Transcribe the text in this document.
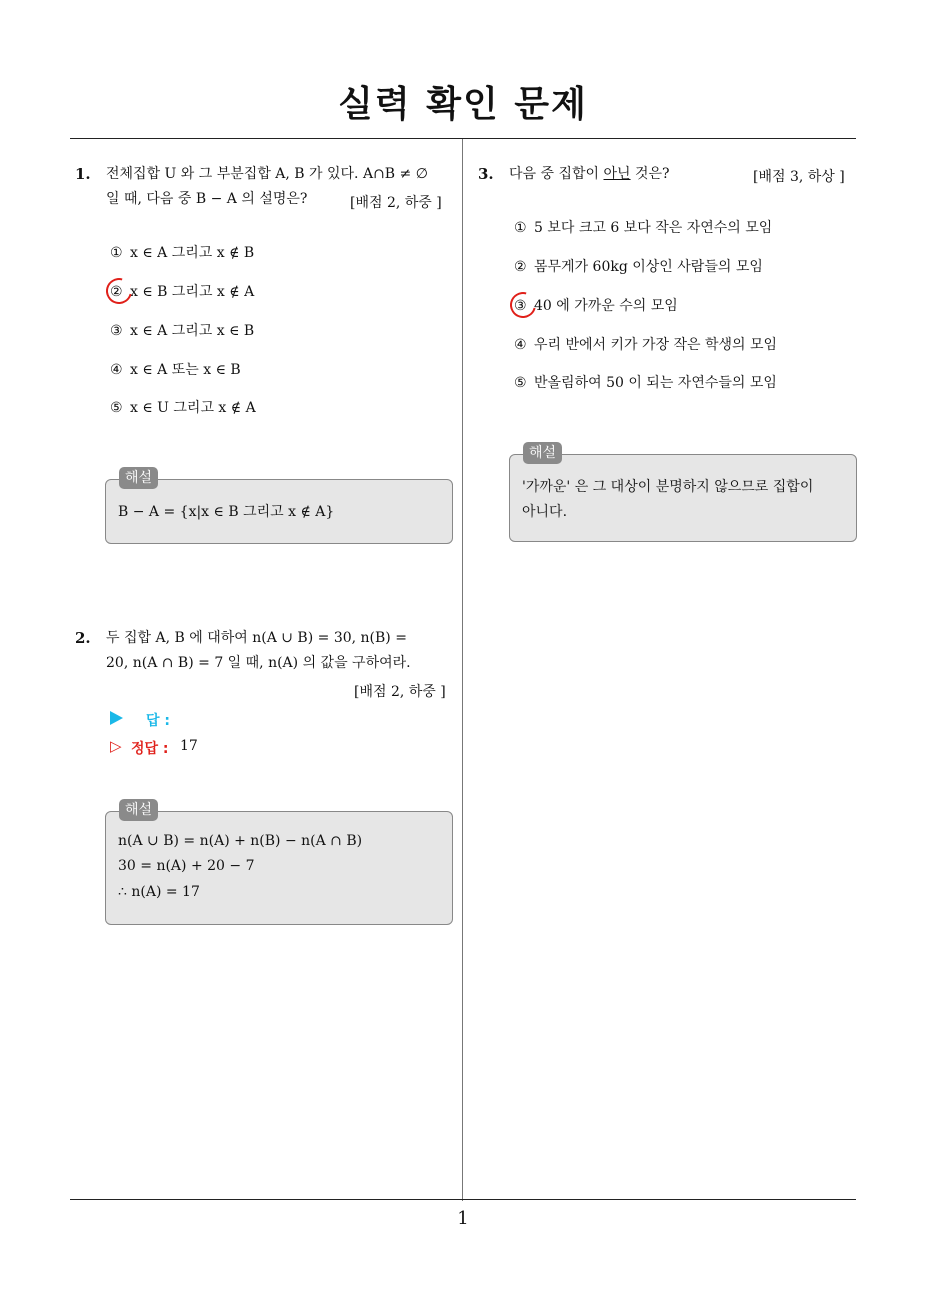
실력 확인 문제
1. 전체집합 U 와 그 부분집합 A, B 가 있다. A∩B ≠ ∅
일 때, 다음 중 B − A 의 설명은?	[배점 2, 하중 ]
① x ∈ A 그리고 x ∉ B
② x ∈ B 그리고 x ∉ A
③ x ∈ A 그리고 x ∈ B
④ x ∈ A 또는 x ∈ B
⑤ x ∈ U 그리고 x ∉ A
해설
B − A = {x|x ∈ B 그리고 x ∉ A}
2. 두 집합 A, B 에 대하여 n(A ∪ B) = 30, n(B) =
20, n(A ∩ B) = 7 일 때, n(A) 의 값을 구하여라.
[배점 2, 하중 ]
답 :
▷ 정답 : 17
해설
n(A ∪ B) = n(A) + n(B) − n(A ∩ B)
30 = n(A) + 20 − 7
∴ n(A) = 17
3. 다음 중 집합이 아닌 것은?	[배점 3, 하상 ]
① 5 보다 크고 6 보다 작은 자연수의 모임
② 몸무게가 60kg 이상인 사람들의 모임
③ 40 에 가까운 수의 모임
④ 우리 반에서 키가 가장 작은 학생의 모임
⑤ 반올림하여 50 이 되는 자연수들의 모임
해설
'가까운' 은 그 대상이 분명하지 않으므로 집합이
아니다.
1
